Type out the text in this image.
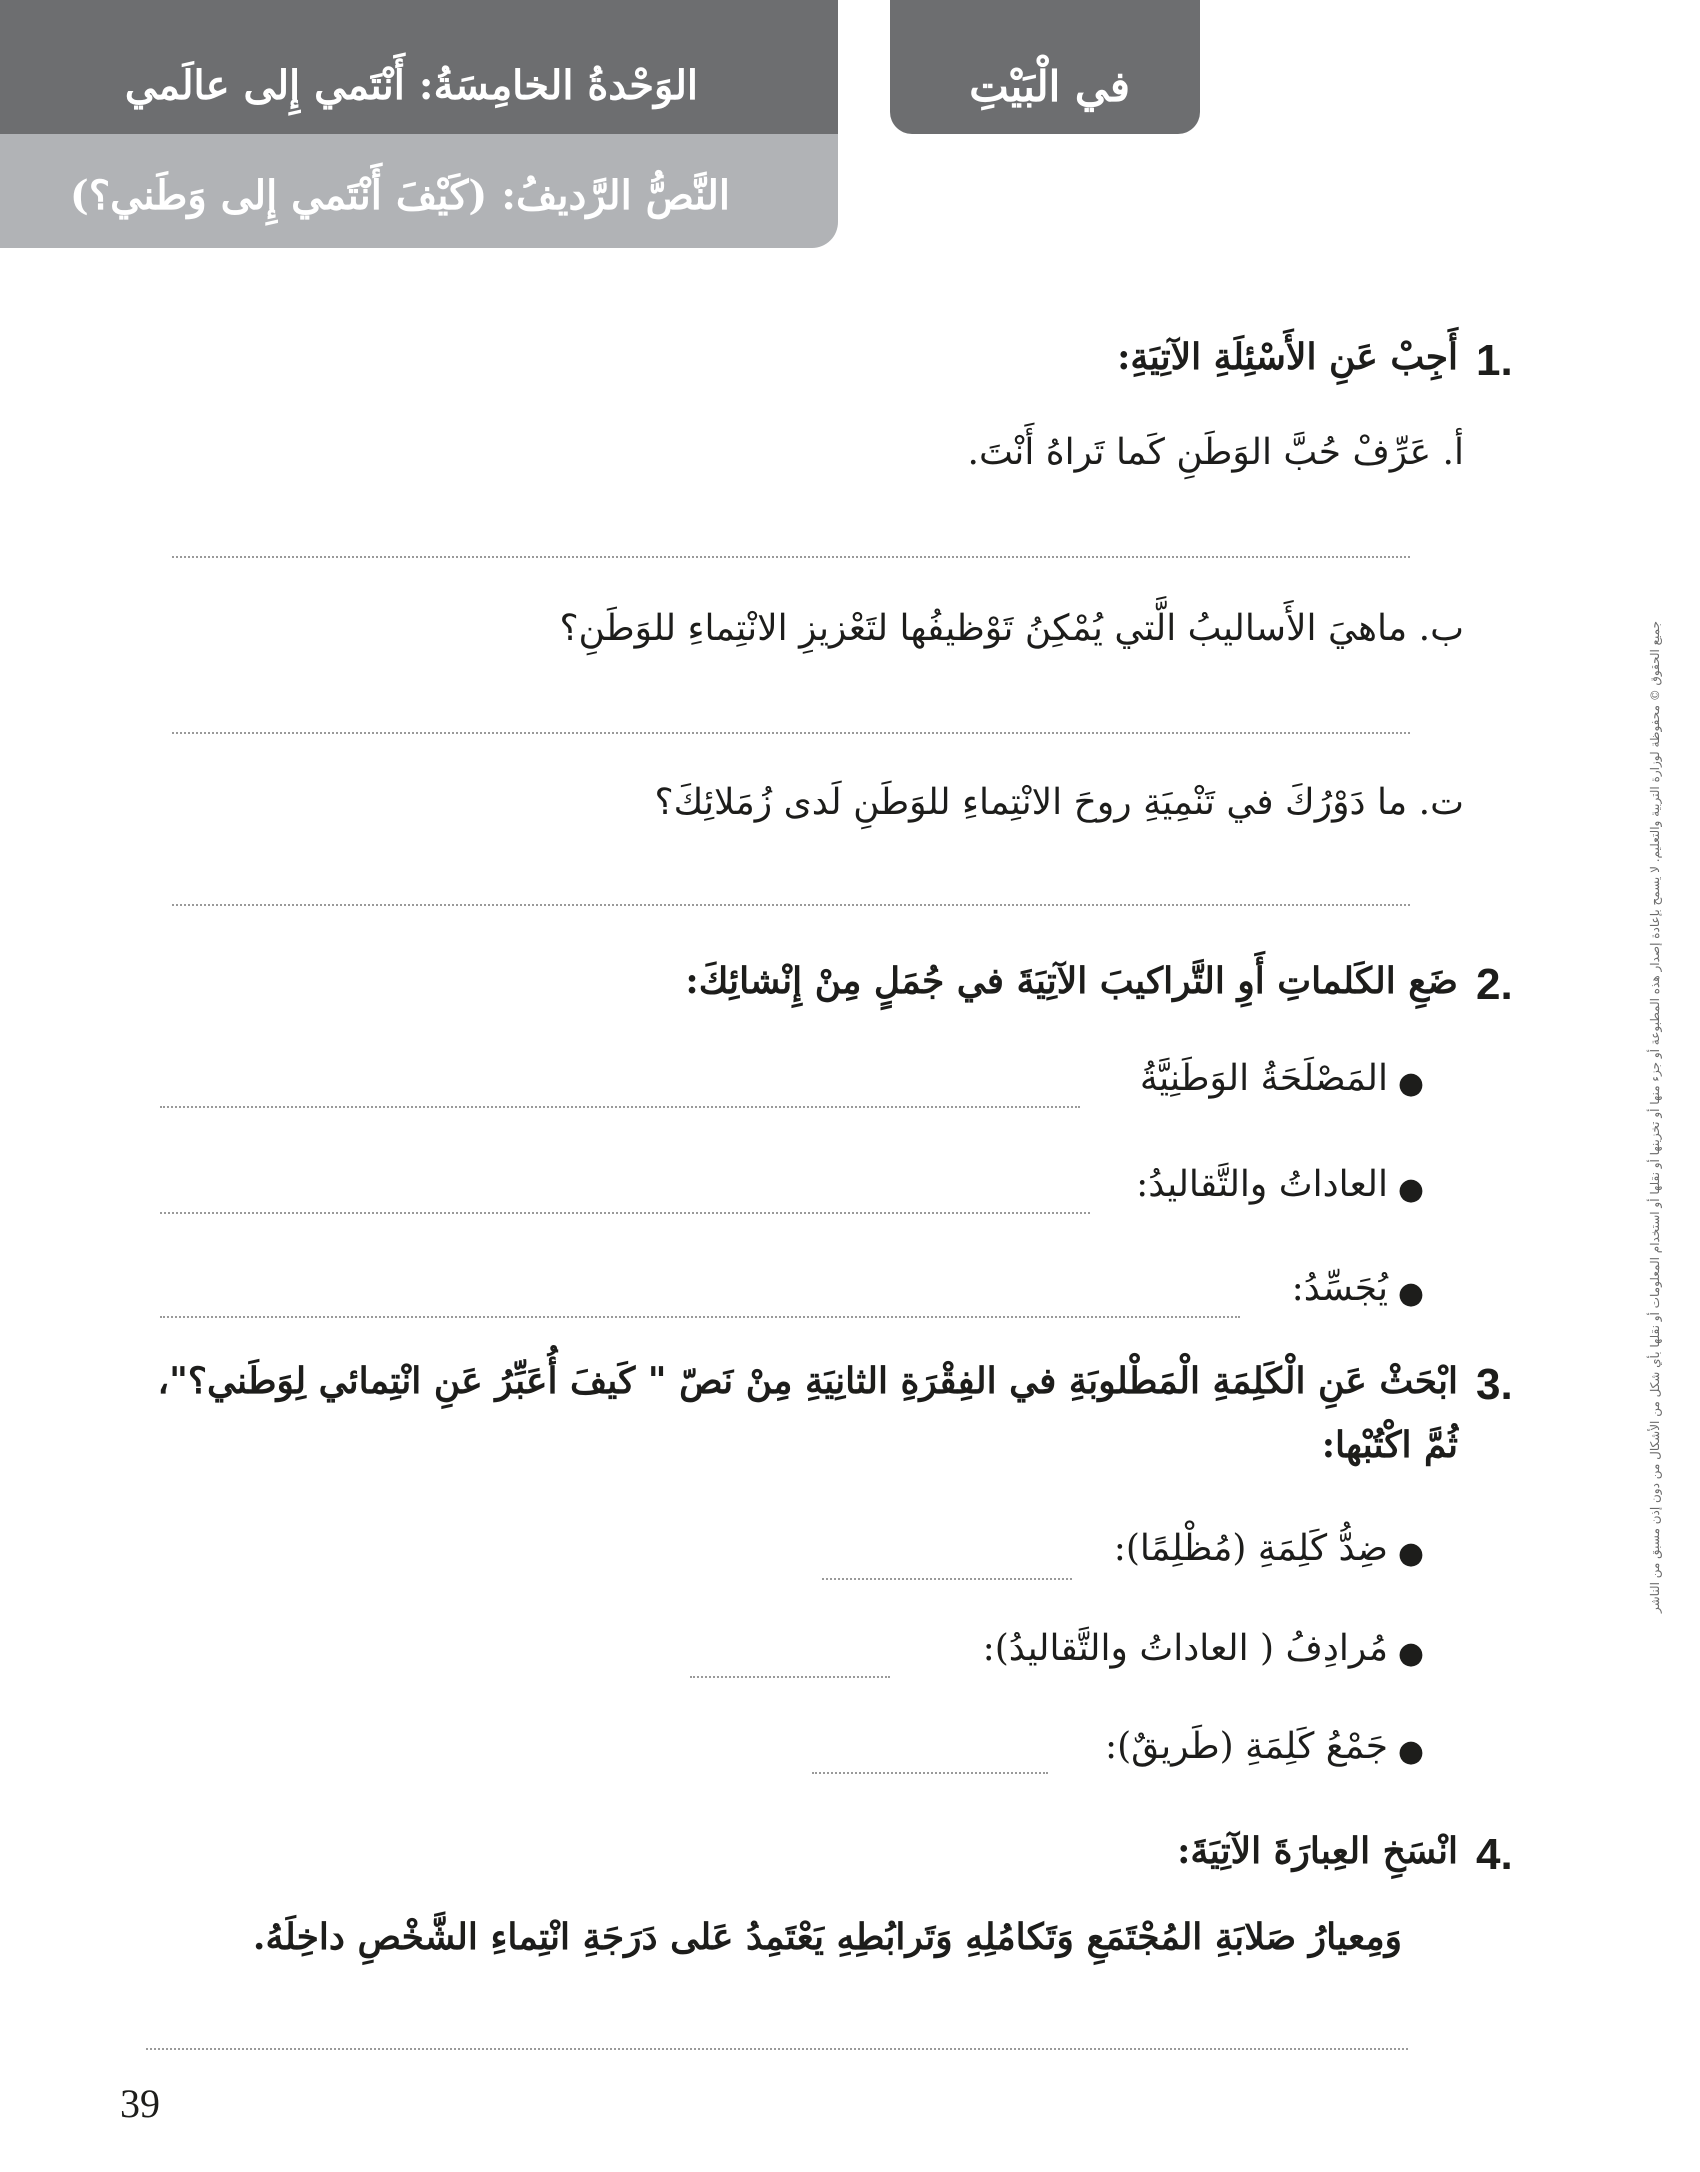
الوَحْدةُ الخامِسَةُ: أَنْتَمي إِلى عالَمي
النَّصُّ الرَّديفُ: (كَيْفَ أَنْتَمي إِلى وَطَني؟)
في الْبَيْتِ
1.
أَجِبْ عَنِ الأَسْئِلَةِ الآتِيَةِ:
أ. عَرِّفْ حُبَّ الوَطَنِ كَما تَراهُ أَنْتَ.
ب. ماهيَ الأَساليبُ الَّتي يُمْكِنُ تَوْظيفُها لتَعْزيزِ الانْتِماءِ للوَطَنِ؟
ت. ما دَوْرُكَ في تَنْمِيَةِ روحَ الانْتِماءِ للوَطَنِ لَدى زُمَلائِكَ؟
2.
ضَعِ الكَلماتِ أَوِ التَّراكيبَ الآتِيَةَ في جُمَلٍ مِنْ إِنْشائِكَ:
المَصْلَحَةُ الوَطَنِيَّةُ ●
العاداتُ والتَّقاليدُ: ●
يُجَسِّدُ: ●
3.
ابْحَثْ عَنِ الْكَلِمَةِ الْمَطْلوبَةِ في الفِقْرَةِ الثانِيَةِ مِنْ نَصّ " كَيفَ أُعَبِّرُ عَنِ انْتِمائي لِوَطَني؟"،
ثُمَّ اكْتُبْها:
ضِدُّ كَلِمَةِ (مُظْلِمًا): ●
مُرادِفُ ( العاداتُ والتَّقاليدُ): ●
جَمْعُ كَلِمَةِ (طَريقٌ): ●
4.
انْسَخِ العِبارَةَ الآتِيَةَ:
وَمِعيارُ صَلابَةِ المُجْتَمَعِ وَتَكامُلِهِ وَتَرابُطِهِ يَعْتَمِدُ عَلى دَرَجَةِ انْتِماءِ الشَّخْصِ داخِلَهُ.
جميع الحقوق © محفوظة لوزارة التربية والتعليم. لا يسمح بإعادة إصدار هذه المطبوعة أو جزء منها أو تخزينها أو نقلها أو استخدام المعلومات أو نقلها بأي شكل من الأشكال من دون إذن مسبق من الناشر
39
